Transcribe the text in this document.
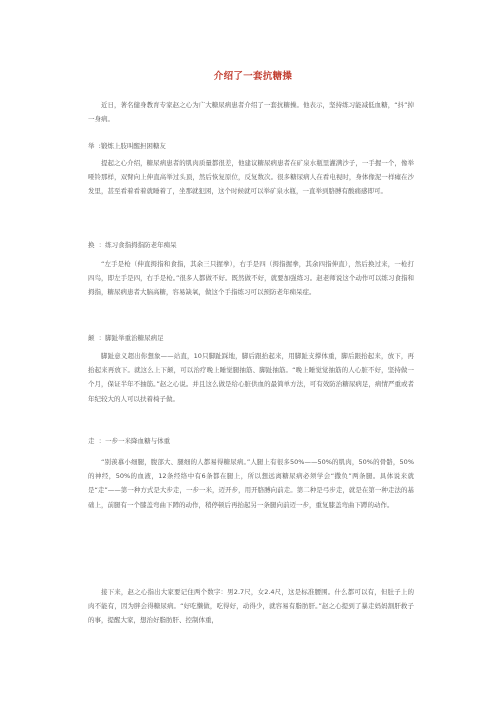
介绍了一套抗糖操

近日，著名健身教育专家赵之心为广大糖尿病患者介绍了一套抗糖操。他表示，坚持练习能减低血糖，“抖”掉一身病。

举  :锻炼上肢叫醒担困糖友

提起之心介绍，糖尿病患者的肌肉质量都很差，他建议糖尿病患者在矿泉水瓶里灌满沙子，一手握一个，像举哑铃那样，双臂向上伸直高举过头顶，然后恢复原位，反复数次。很多糖尿病人在看电视时，身体像泥一样瘫在沙发里，甚至看着看着就睡着了，坐那就犯困，这个时候就可以举矿泉水瓶，一直举到胳膊有酸痛感即可。

换  ：练习食指拇指防老年痴呆

“左手是枪（伸直拇指和食指，其余三只握拳），右手是四（拇指握拳，其余四指伸直），然后换过来，一枪打四鸟，即左手是四，右手是枪。”很多人都做不好。既然做不好，就要加强练习。赵老师说这个动作可以练习食指和拇指，糖尿病患者大脑高糖，容易缺氧，做这个手指练习可以预防老年痴呆症。

颠  ：脚趾举重治糖尿病足

脚趾意义超出你想象——站直，10只脚趾踩地，脚后跟抬起来，用脚趾支撑体重，脚后跟抬起来，放下，再抬起来再放下。就这么上下颠，可以治疗晚上睡觉腿抽筋、脚趾抽筋。“晚上睡觉觉抽筋的人心脏不好，坚持做一个月，保证半年不抽筋。”赵之心说。并且这么做是给心脏供血的最简单方法，可有效防治糖尿病足，病情严重或者年纪较大的人可以扶着椅子做。

走  ：一步一米降血糖与体重

“别羡慕小细腿，腹部大、腿细的人都易得糖尿病。”人腿上有很多50%——50%的肌肉，50%的骨骼，50%的神经，50%的血液，12条经络中有6条都在腿上，所以想远离糖尿病必须学会“撒负”两条腿。具体说来就是“走”——第一种方式是大步走，一步一米，迈开步，用开胳膊向前走。第二种是弓步走，就是在第一种走法的基础上，前腿有一个膝盖弯曲下蹲的动作，稍停顿后再抬起另一条腿向前迈一步，重复膝盖弯曲下蹲的动作。

接下来，赵之心指出大家要记住两个数字：男2.7尺，女2.4尺，这是标准腰围。什么都可以有，但肚子上的肉不能有，因为胖会得糖尿病。“好吃懒做，吃得好，动得少，就容易有脂肪肝。”赵之心提到了暴走妈妈割肝救子的事，提醒大家，想治好脂肪肝、控制体重，
